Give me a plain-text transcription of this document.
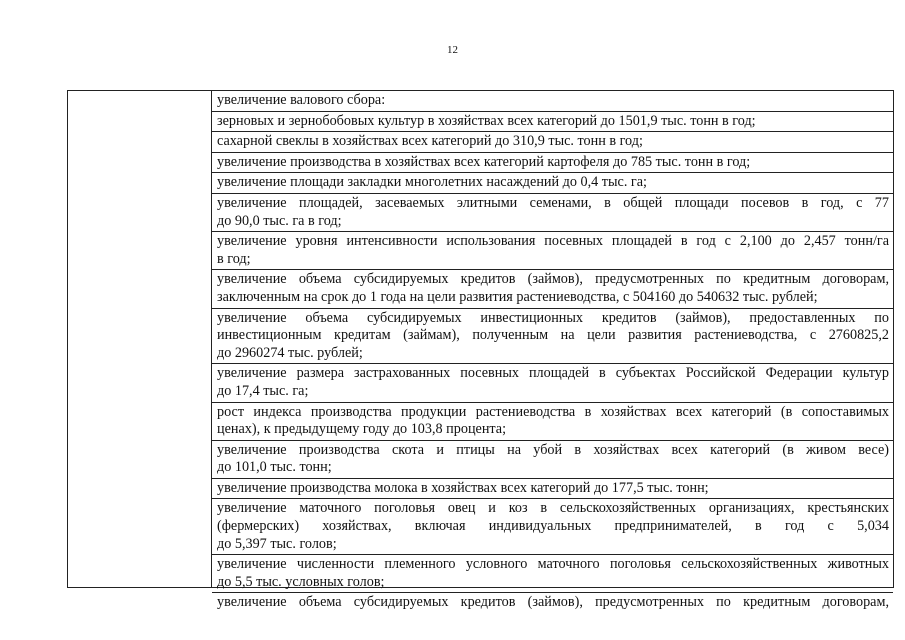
12
увеличение валового сбора:
зерновых и зернобобовых культур в хозяйствах всех категорий до 1501,9 тыс. тонн в год;
сахарной свеклы в хозяйствах всех категорий до 310,9 тыс. тонн в год;
увеличение производства в хозяйствах всех категорий картофеля до 785 тыс. тонн в год;
увеличение площади закладки многолетних насаждений до 0,4 тыс. га;
увеличение площадей, засеваемых элитными семенами, в общей площади посевов в год, с 77
до 90,0 тыс. га в год;
увеличение уровня интенсивности использования посевных площадей в год с 2,100 до 2,457 тонн/га
в год;
увеличение объема субсидируемых кредитов (займов), предусмотренных по кредитным договорам,
заключенным на срок до 1 года на цели развития растениеводства, с 504160 до 540632 тыс. рублей;
увеличение объема субсидируемых инвестиционных кредитов (займов), предоставленных по
инвестиционным кредитам (займам), полученным на цели развития растениеводства, с 2760825,2
до 2960274 тыс. рублей;
увеличение размера застрахованных посевных площадей в субъектах Российской Федерации культур
до 17,4 тыс. га;
рост индекса производства продукции растениеводства в хозяйствах всех категорий (в сопоставимых
ценах), к предыдущему году до 103,8 процента;
увеличение производства скота и птицы на убой в хозяйствах всех категорий (в живом весе)
до 101,0 тыс. тонн;
увеличение производства молока в хозяйствах всех категорий до 177,5 тыс. тонн;
увеличение маточного поголовья овец и коз в сельскохозяйственных организациях, крестьянских
(фермерских) хозяйствах, включая индивидуальных предпринимателей, в год с 5,034
до 5,397 тыс. голов;
увеличение численности племенного условного маточного поголовья сельскохозяйственных животных
до 5,5 тыс. условных голов;
увеличение объема субсидируемых кредитов (займов), предусмотренных по кредитным договорам,
